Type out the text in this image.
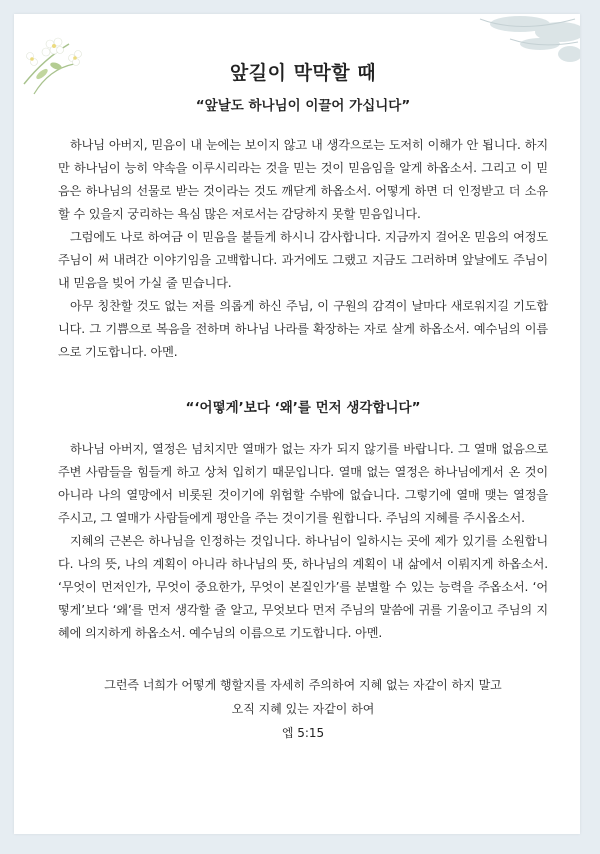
앞길이 막막할 때
“앞날도 하나님이 이끌어 가십니다”

하나님 아버지, 믿음이 내 눈에는 보이지 않고 내 생각으로는 도저히 이해가 안 됩니다. 하지만 하나님이 능히 약속을 이루시리라는 것을 믿는 것이 믿음임을 알게 하옵소서. 그리고 이 믿음은 하나님의 선물로 받는 것이라는 것도 깨닫게 하옵소서. 어떻게 하면 더 인정받고 더 소유할 수 있을지 궁리하는 욕심 많은 저로서는 감당하지 못할 믿음입니다.

그럼에도 나로 하여금 이 믿음을 붙들게 하시니 감사합니다. 지금까지 걸어온 믿음의 여정도 주님이 써 내려간 이야기임을 고백합니다. 과거에도 그랬고 지금도 그러하며 앞날에도 주님이 내 믿음을 빚어 가실 줄 믿습니다.

아무 칭찬할 것도 없는 저를 의롭게 하신 주님, 이 구원의 감격이 날마다 새로워지길 기도합니다. 그 기쁨으로 복음을 전하며 하나님 나라를 확장하는 자로 살게 하옵소서. 예수님의 이름으로 기도합니다. 아멘.

“‘어떻게’보다 ‘왜’를 먼저 생각합니다”

하나님 아버지, 열정은 넘치지만 열매가 없는 자가 되지 않기를 바랍니다. 그 열매 없음으로 주변 사람들을 힘들게 하고 상처 입히기 때문입니다. 열매 없는 열정은 하나님에게서 온 것이 아니라 나의 열망에서 비롯된 것이기에 위험할 수밖에 없습니다. 그렇기에 열매 맺는 열정을 주시고, 그 열매가 사람들에게 평안을 주는 것이기를 원합니다. 주님의 지혜를 주시옵소서.

지혜의 근본은 하나님을 인정하는 것입니다. 하나님이 일하시는 곳에 제가 있기를 소원합니다. 나의 뜻, 나의 계획이 아니라 하나님의 뜻, 하나님의 계획이 내 삶에서 이뤄지게 하옵소서. ‘무엇이 먼저인가, 무엇이 중요한가, 무엇이 본질인가’를 분별할 수 있는 능력을 주옵소서. ‘어떻게’보다 ‘왜’를 먼저 생각할 줄 알고, 무엇보다 먼저 주님의 말씀에 귀를 기울이고 주님의 지혜에 의지하게 하옵소서. 예수님의 이름으로 기도합니다. 아멘.

그런즉 너희가 어떻게 행할지를 자세히 주의하여 지혜 없는 자같이 하지 말고
오직 지혜 있는 자같이 하여
엡 5:15
